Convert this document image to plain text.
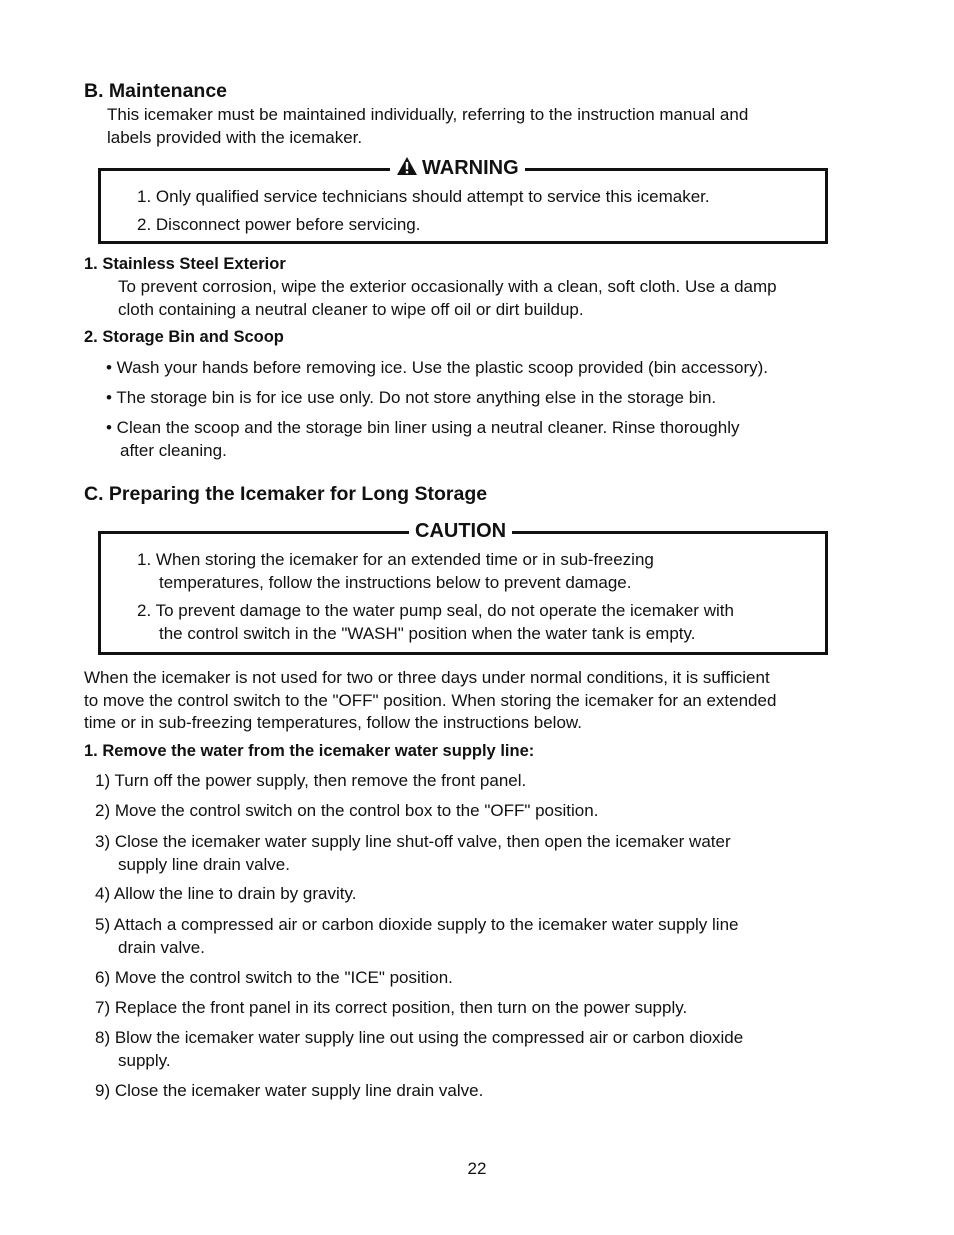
B. Maintenance
This icemaker must be maintained individually, referring to the instruction manual and
labels provided with the icemaker.
WARNING
1. Only qualified service technicians should attempt to service this icemaker.
2. Disconnect power before servicing.
1. Stainless Steel Exterior
To prevent corrosion, wipe the exterior occasionally with a clean, soft cloth. Use a damp
cloth containing a neutral cleaner to wipe off oil or dirt buildup.
2. Storage Bin and Scoop
• Wash your hands before removing ice. Use the plastic scoop provided (bin accessory).
• The storage bin is for ice use only. Do not store anything else in the storage bin.
• Clean the scoop and the storage bin liner using a neutral cleaner. Rinse thoroughly
after cleaning.
C. Preparing the Icemaker for Long Storage
CAUTION
1. When storing the icemaker for an extended time or in sub-freezing
temperatures, follow the instructions below to prevent damage.
2. To prevent damage to the water pump seal, do not operate the icemaker with
the control switch in the "WASH" position when the water tank is empty.
When the icemaker is not used for two or three days under normal conditions, it is sufficient
to move the control switch to the "OFF" position. When storing the icemaker for an extended
time or in sub-freezing temperatures, follow the instructions below.
1. Remove the water from the icemaker water supply line:
1) Turn off the power supply, then remove the front panel.
2) Move the control switch on the control box to the "OFF" position.
3) Close the icemaker water supply line shut-off valve, then open the icemaker water
supply line drain valve.
4) Allow the line to drain by gravity.
5) Attach a compressed air or carbon dioxide supply to the icemaker water supply line
drain valve.
6) Move the control switch to the "ICE" position.
7) Replace the front panel in its correct position, then turn on the power supply.
8) Blow the icemaker water supply line out using the compressed air or carbon dioxide
supply.
9) Close the icemaker water supply line drain valve.
22
